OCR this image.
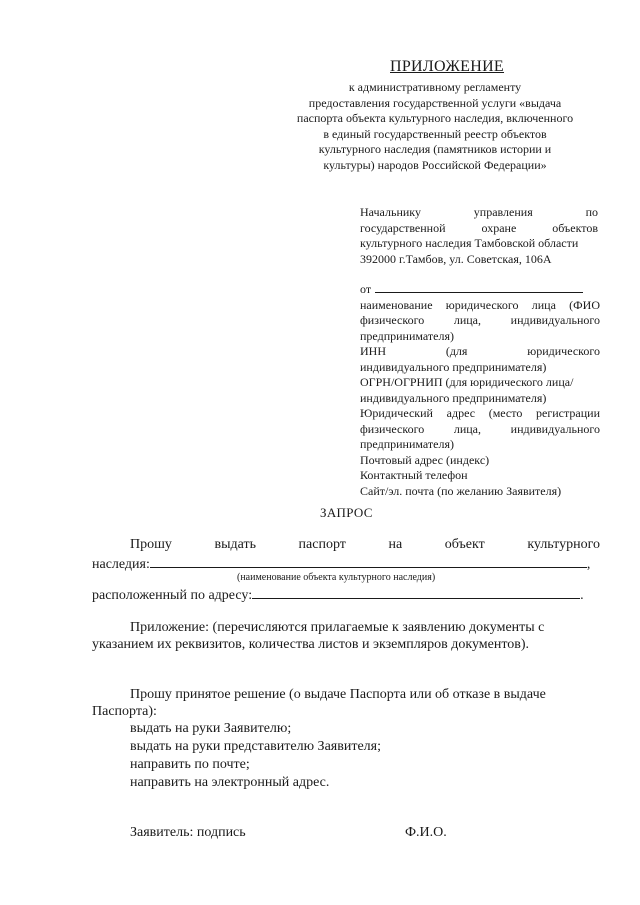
ПРИЛОЖЕНИЕ
к административному регламенту
предоставления государственной услуги «выдача
паспорта объекта культурного наследия, включенного
в единый государственный реестр объектов
культурного наследия (памятников истории и
культуры) народов Российской Федерации»
Начальнику управления по
государственной охране объектов
культурного наследия Тамбовской области
392000 г.Тамбов, ул. Советская, 106А
от
наименование юридического лица (ФИО
физического лица, индивидуального
предпринимателя)
ИНН (для юридического
индивидуального предпринимателя)
ОГРН/ОГРНИП (для юридического лица/
индивидуального предпринимателя)
Юридический адрес (место регистрации
физического лица, индивидуального
предпринимателя)
Почтовый адрес (индекс)
Контактный телефон
Сайт/эл. почта (по желанию Заявителя)
ЗАПРОС
Прошу	выдать	паспорт	на	объект	культурного
наследия:	,
(наименование объекта культурного наследия)
расположенный по адресу:	.
Приложение: (перечисляются прилагаемые к заявлению документы с
указанием их реквизитов, количества листов и экземпляров документов).
Прошу принятое решение (о выдаче Паспорта или об отказе в выдаче
Паспорта):
выдать на руки Заявителю;
выдать на руки представителю Заявителя;
направить по почте;
направить на электронный адрес.
Заявитель: подпись	Ф.И.О.
